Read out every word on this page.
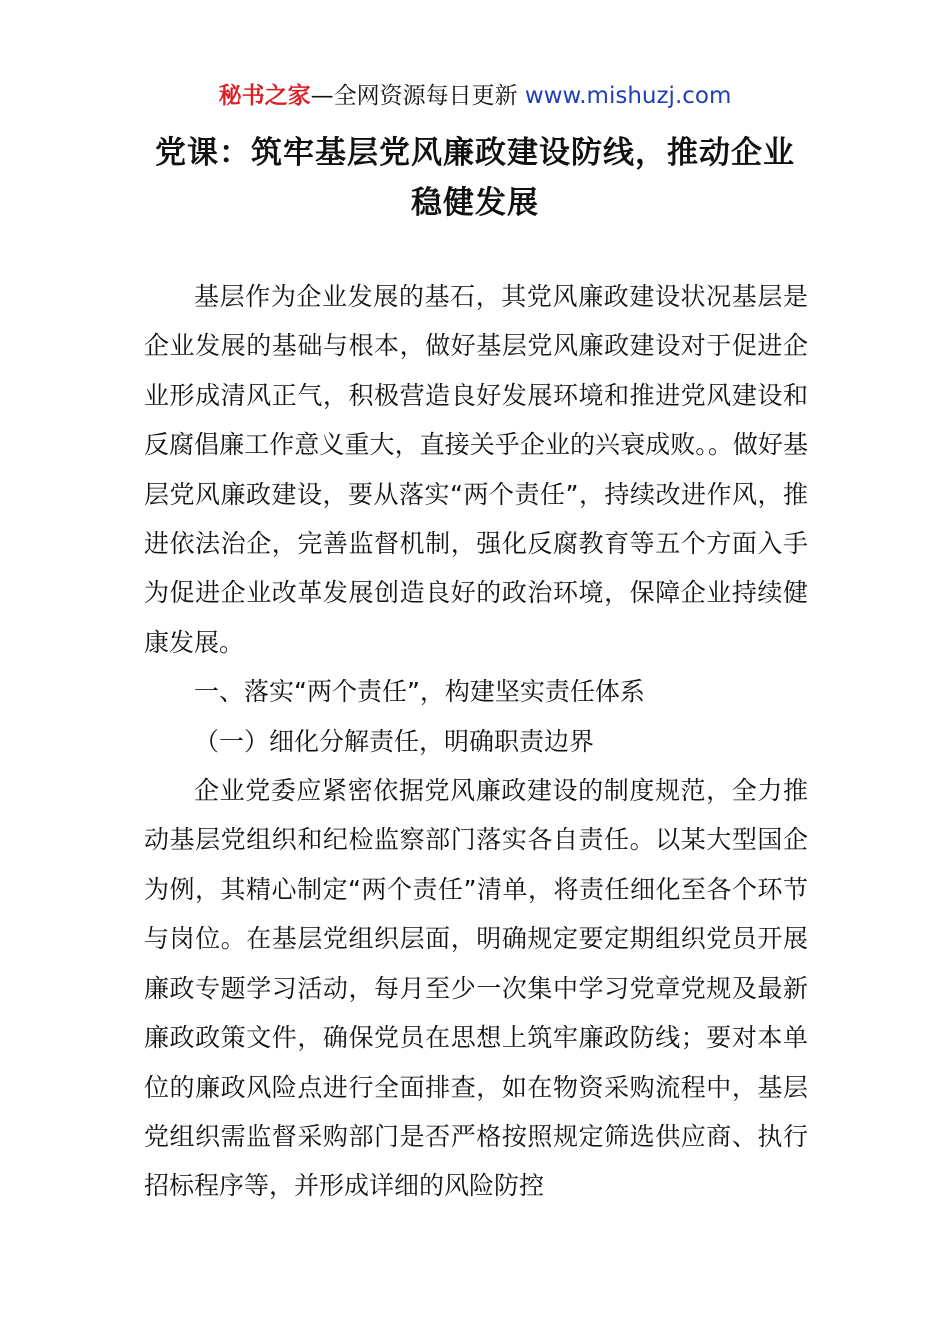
秘书之家—全网资源每日更新 www.mishuzj.com
党课：筑牢基层党风廉政建设防线，推动企业稳健发展

基层作为企业发展的基石，其党风廉政建设状况基层是企业发展的基础与根本，做好基层党风廉政建设对于促进企业形成清风正气，积极营造良好发展环境和推进党风建设和反腐倡廉工作意义重大，直接关乎企业的兴衰成败。。做好基层党风廉政建设，要从落实“两个责任”，持续改进作风，推进依法治企，完善监督机制，强化反腐教育等五个方面入手为促进企业改革发展创造良好的政治环境，保障企业持续健康发展。

一、落实“两个责任”，构建坚实责任体系

（一）细化分解责任，明确职责边界

企业党委应紧密依据党风廉政建设的制度规范，全力推动基层党组织和纪检监察部门落实各自责任。以某大型国企为例，其精心制定“两个责任”清单，将责任细化至各个环节与岗位。在基层党组织层面，明确规定要定期组织党员开展廉政专题学习活动，每月至少一次集中学习党章党规及最新廉政政策文件，确保党员在思想上筑牢廉政防线；要对本单位的廉政风险点进行全面排查，如在物资采购流程中，基层党组织需监督采购部门是否严格按照规定筛选供应商、执行招标程序等，并形成详细的风险防控
